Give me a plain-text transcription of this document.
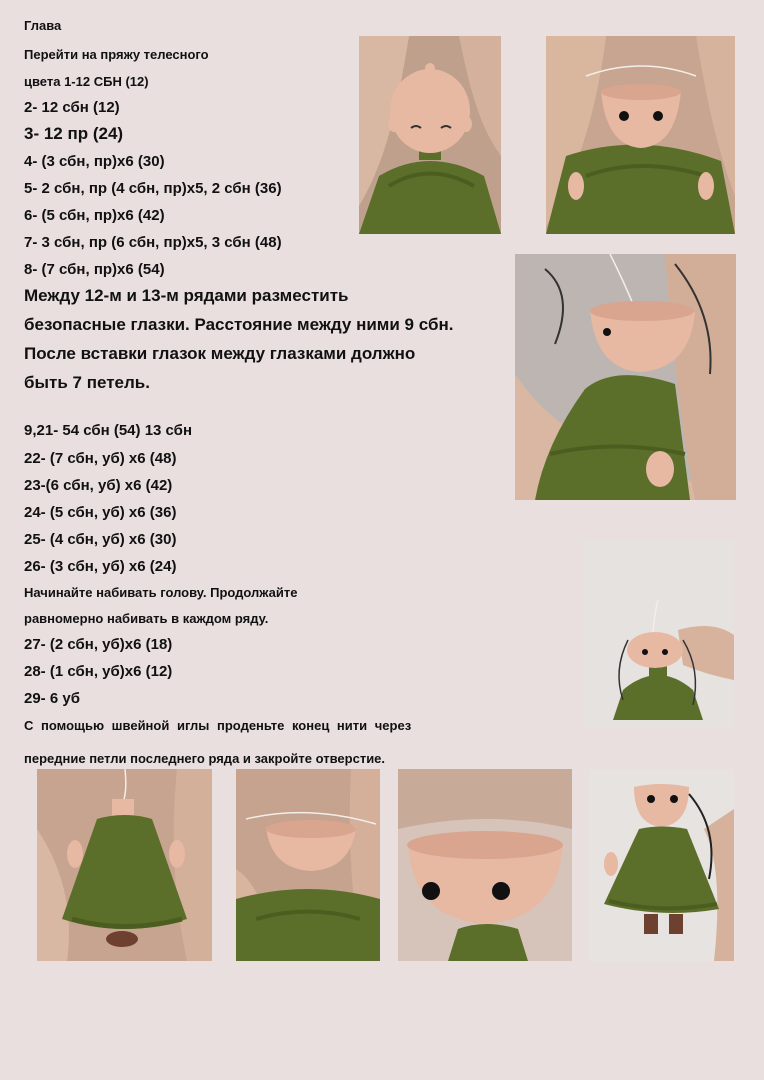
Глава
Перейти на пряжу телесного
цвета 1-12 СБН (12)
2- 12 сбн (12)
3- 12 пр (24)
4- (3 сбн, пр)х6 (30)
5- 2 сбн, пр (4 сбн, пр)х5, 2 сбн (36)
6- (5 сбн, пр)х6 (42)
7- 3 сбн, пр (6 сбн, пр)х5, 3 сбн (48)
8- (7 сбн, пр)х6 (54)
Между 12-м и 13-м рядами разместить
безопасные глазки. Расстояние между ними 9 сбн.
После вставки глазок между глазками должно
быть 7 петель.
9,21- 54 сбн (54) 13 сбн
22- (7 сбн, уб) х6 (48)
23-(6 сбн, уб) х6 (42)
24- (5 сбн, уб) х6 (36)
25- (4 сбн, уб) х6 (30)
26- (3 сбн, уб) х6 (24)
Начинайте набивать голову. Продолжайте
равномерно набивать в каждом ряду.
27- (2 сбн, уб)х6 (18)
28- (1 сбн, уб)х6 (12)
29- 6 уб
С помощью швейной иглы проденьте конец нити через
передние петли последнего ряда и закройте отверстие.
